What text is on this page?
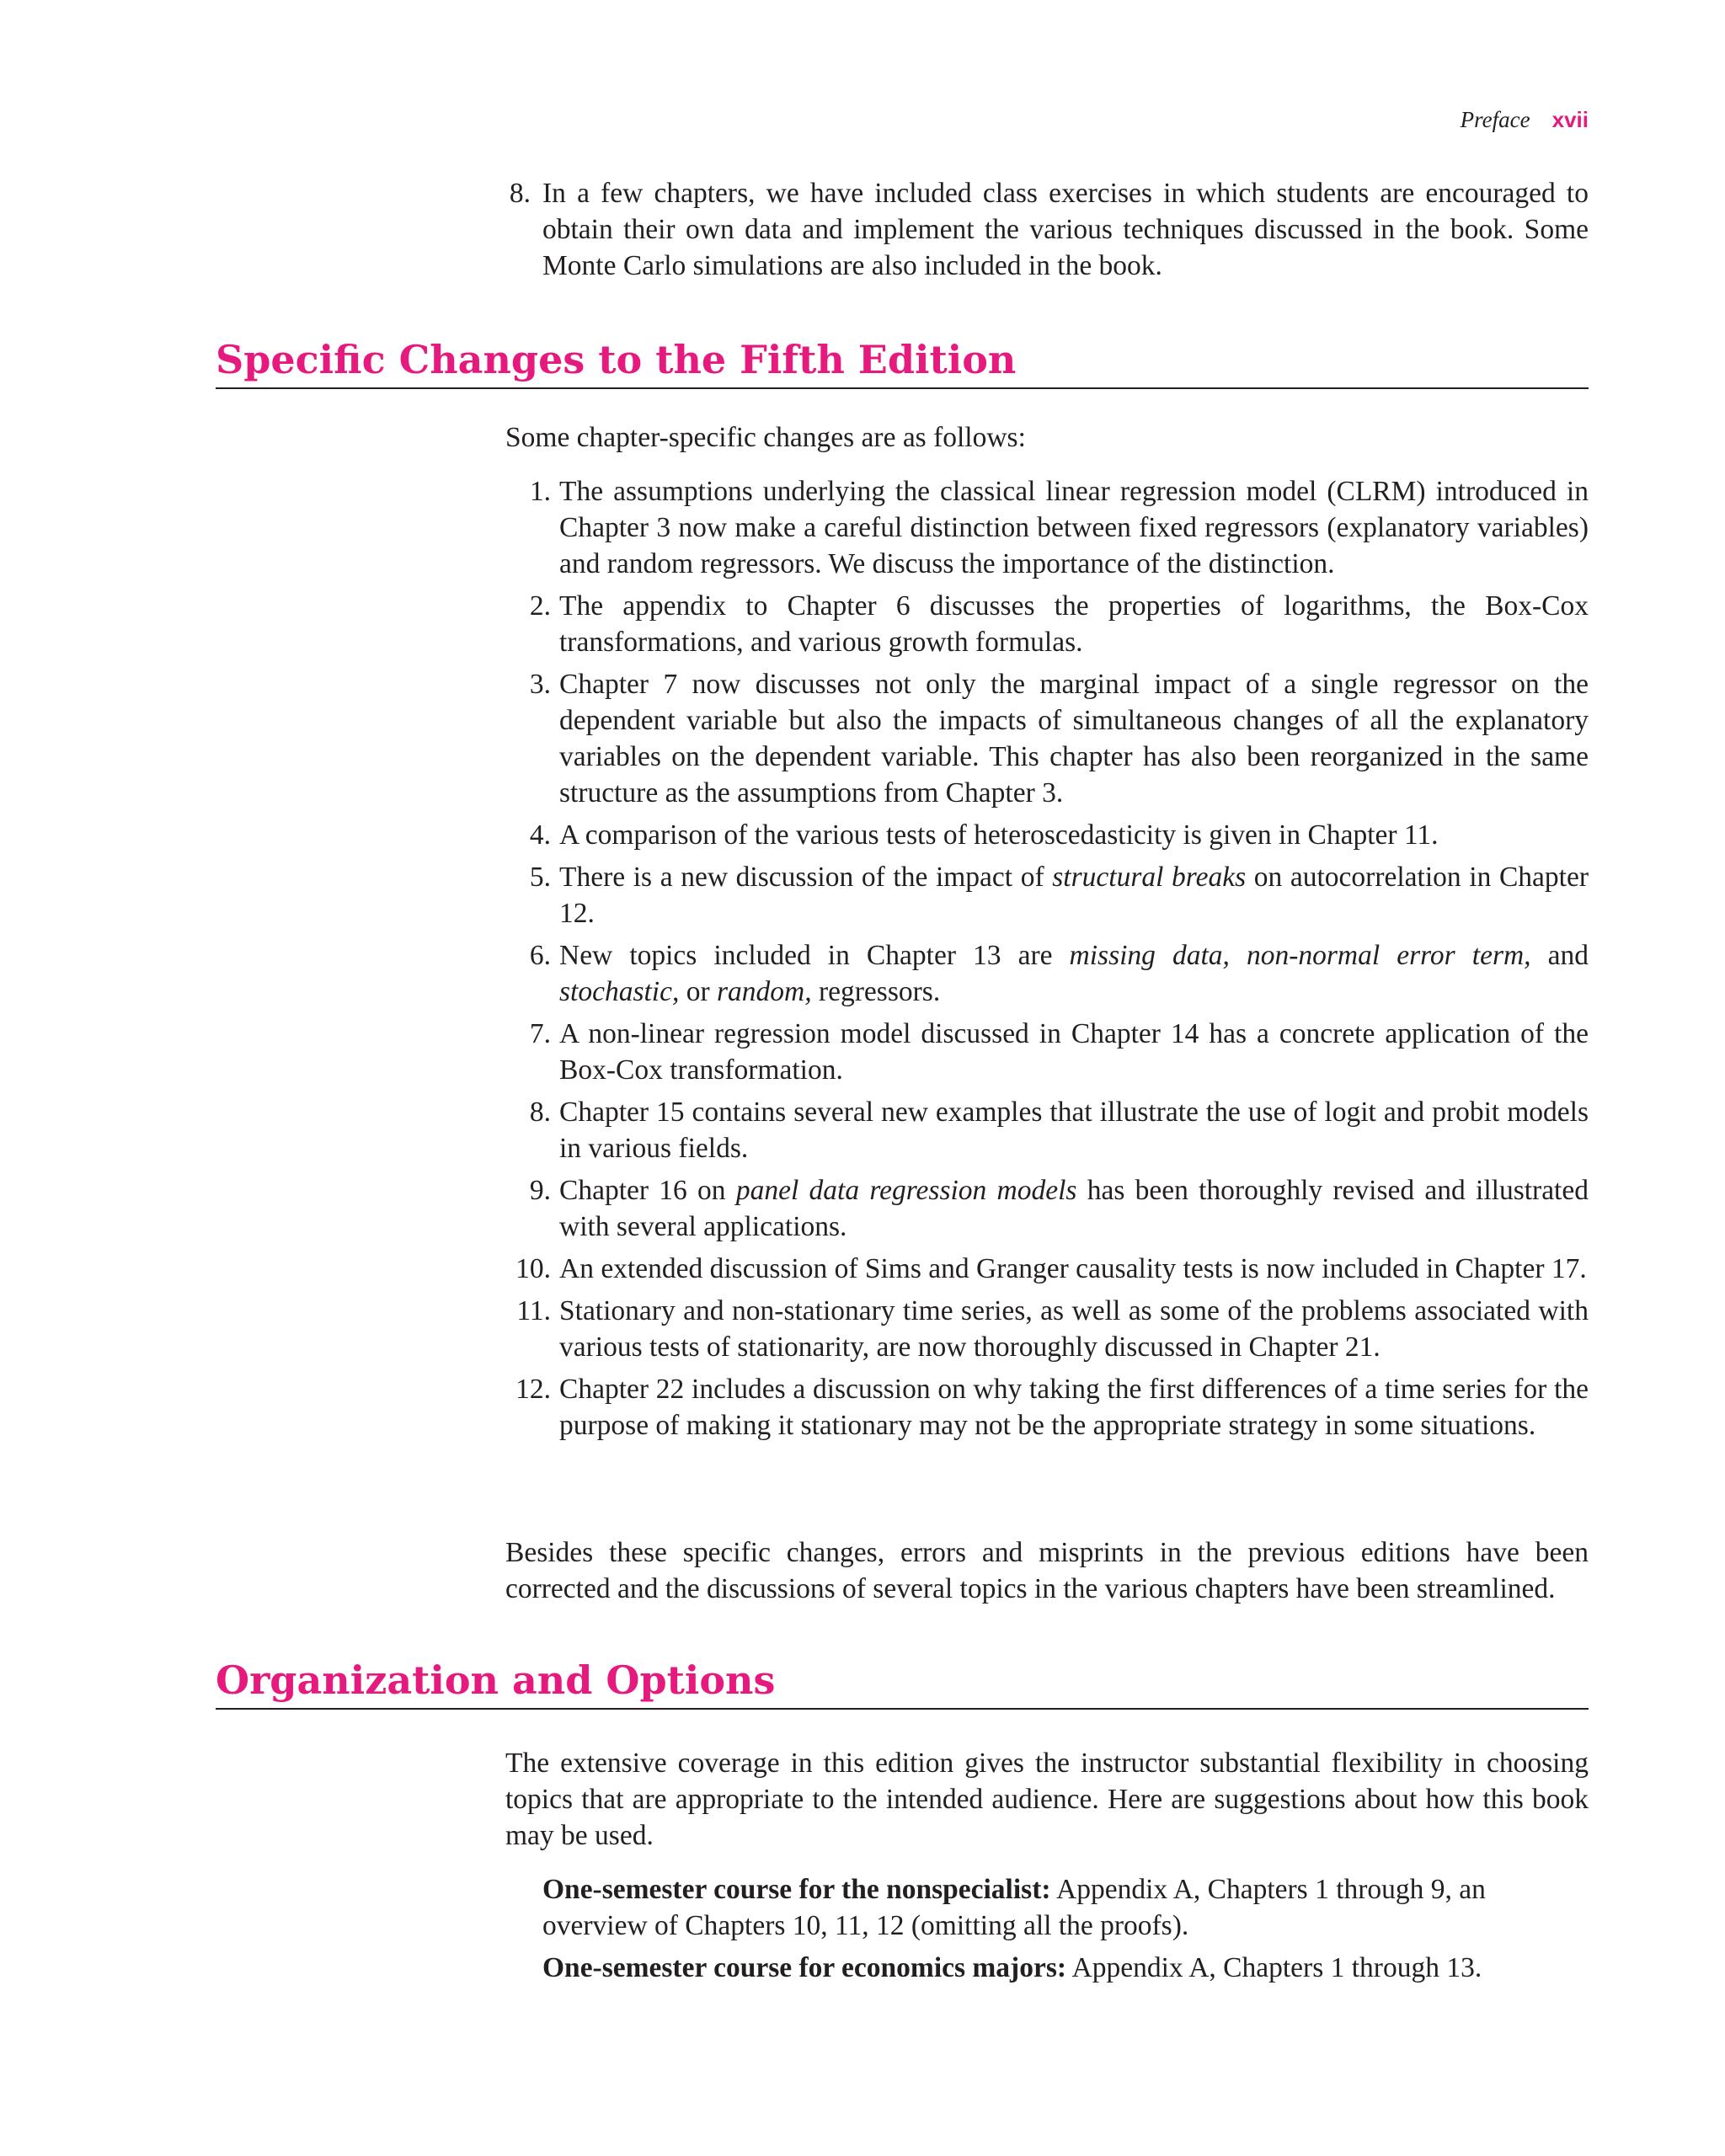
Preface xvii
8. In a few chapters, we have included class exercises in which students are encouraged to obtain their own data and implement the various techniques discussed in the book. Some Monte Carlo simulations are also included in the book.
Specific Changes to the Fifth Edition

Some chapter-specific changes are as follows:

1. The assumptions underlying the classical linear regression model (CLRM) introduced in Chapter 3 now make a careful distinction between fixed regressors (explanatory variables) and random regressors. We discuss the importance of the distinction.
2. The appendix to Chapter 6 discusses the properties of logarithms, the Box-Cox transformations, and various growth formulas.
3. Chapter 7 now discusses not only the marginal impact of a single regressor on the dependent variable but also the impacts of simultaneous changes of all the explanatory variables on the dependent variable. This chapter has also been reorganized in the same structure as the assumptions from Chapter 3.
4. A comparison of the various tests of heteroscedasticity is given in Chapter 11.
5. There is a new discussion of the impact of structural breaks on autocorrelation in Chapter 12.
6. New topics included in Chapter 13 are missing data, non-normal error term, and stochastic, or random, regressors.
7. A non-linear regression model discussed in Chapter 14 has a concrete application of the Box-Cox transformation.
8. Chapter 15 contains several new examples that illustrate the use of logit and probit models in various fields.
9. Chapter 16 on panel data regression models has been thoroughly revised and illustrated with several applications.
10. An extended discussion of Sims and Granger causality tests is now included in Chapter 17.
11. Stationary and non-stationary time series, as well as some of the problems associated with various tests of stationarity, are now thoroughly discussed in Chapter 21.
12. Chapter 22 includes a discussion on why taking the first differences of a time series for the purpose of making it stationary may not be the appropriate strategy in some situations.

Besides these specific changes, errors and misprints in the previous editions have been corrected and the discussions of several topics in the various chapters have been streamlined.

Organization and Options

The extensive coverage in this edition gives the instructor substantial flexibility in choosing topics that are appropriate to the intended audience. Here are suggestions about how this book may be used.

One-semester course for the nonspecialist: Appendix A, Chapters 1 through 9, an overview of Chapters 10, 11, 12 (omitting all the proofs).
One-semester course for economics majors: Appendix A, Chapters 1 through 13.
